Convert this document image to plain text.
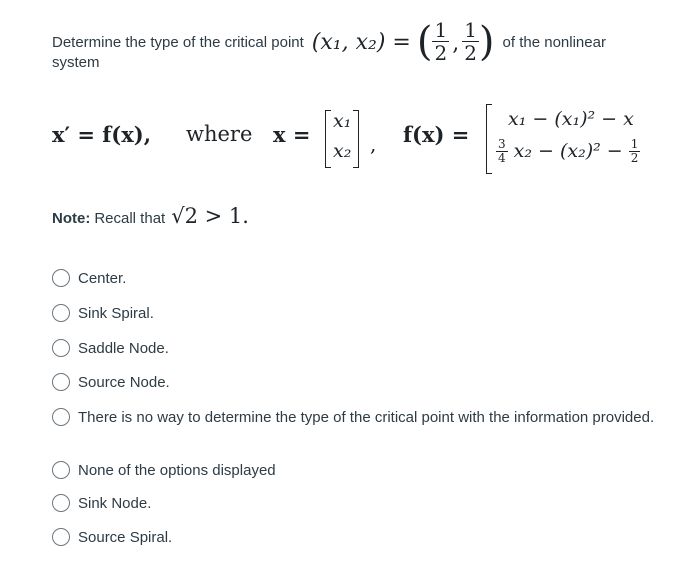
Determine the type of the critical point (x₁, x₂) = ( $\frac{1}{2}$ , $\frac{1}{2}$ ) of the nonlinear
system
x′ = f(x), where x =
x₁
x₂ , f(x) =
x₁ − (x₁)² − x
$\frac{3}{4} x_2 - (x_2)^2 - \frac{1}{2}$
Note: Recall that √2 > 1.
Center.
Sink Spiral.
Saddle Node.
Source Node.
There is no way to determine the type of the critical point with the information provided.
None of the options displayed
Sink Node.
Source Spiral.
